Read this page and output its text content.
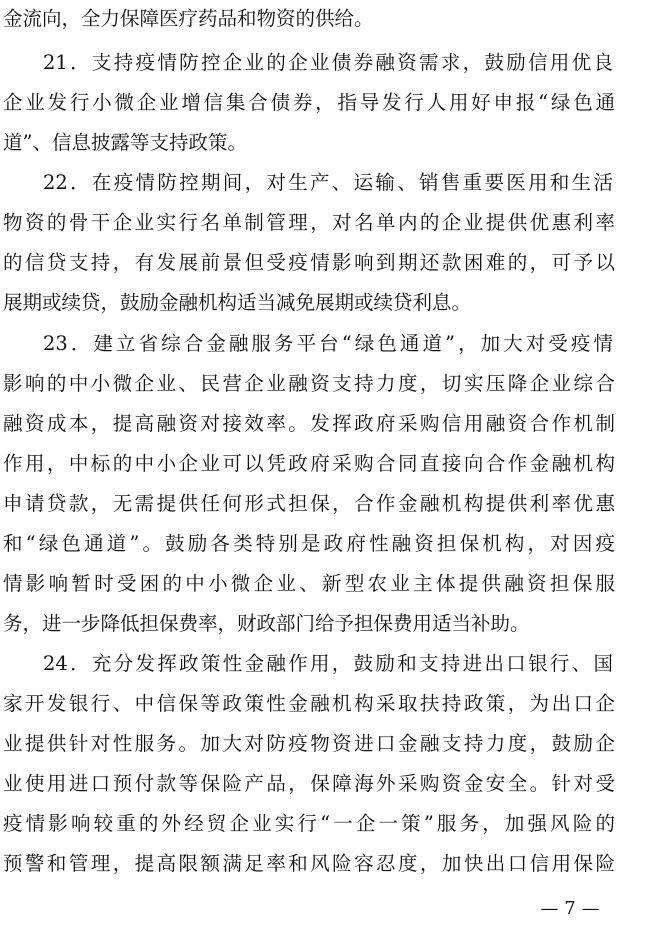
金流向，全力保障医疗药品和物资的供给。
21．支持疫情防控企业的企业债券融资需求，鼓励信用优良
企业发行小微企业增信集合债券，指导发行人用好申报“绿色通
道”、信息披露等支持政策。
22．在疫情防控期间，对生产、运输、销售重要医用和生活
物资的骨干企业实行名单制管理，对名单内的企业提供优惠利率
的信贷支持，有发展前景但受疫情影响到期还款困难的，可予以
展期或续贷，鼓励金融机构适当减免展期或续贷利息。
23．建立省综合金融服务平台“绿色通道”，加大对受疫情
影响的中小微企业、民营企业融资支持力度，切实压降企业综合
融资成本，提高融资对接效率。发挥政府采购信用融资合作机制
作用，中标的中小企业可以凭政府采购合同直接向合作金融机构
申请贷款，无需提供任何形式担保，合作金融机构提供利率优惠
和“绿色通道”。鼓励各类特别是政府性融资担保机构，对因疫
情影响暂时受困的中小微企业、新型农业主体提供融资担保服
务，进一步降低担保费率，财政部门给予担保费用适当补助。
24．充分发挥政策性金融作用，鼓励和支持进出口银行、国
家开发银行、中信保等政策性金融机构采取扶持政策，为出口企
业提供针对性服务。加大对防疫物资进口金融支持力度，鼓励企
业使用进口预付款等保险产品，保障海外采购资金安全。针对受
疫情影响较重的外经贸企业实行“一企一策”服务，加强风险的
预警和管理，提高限额满足率和风险容忍度，加快出口信用保险
— 7 —
